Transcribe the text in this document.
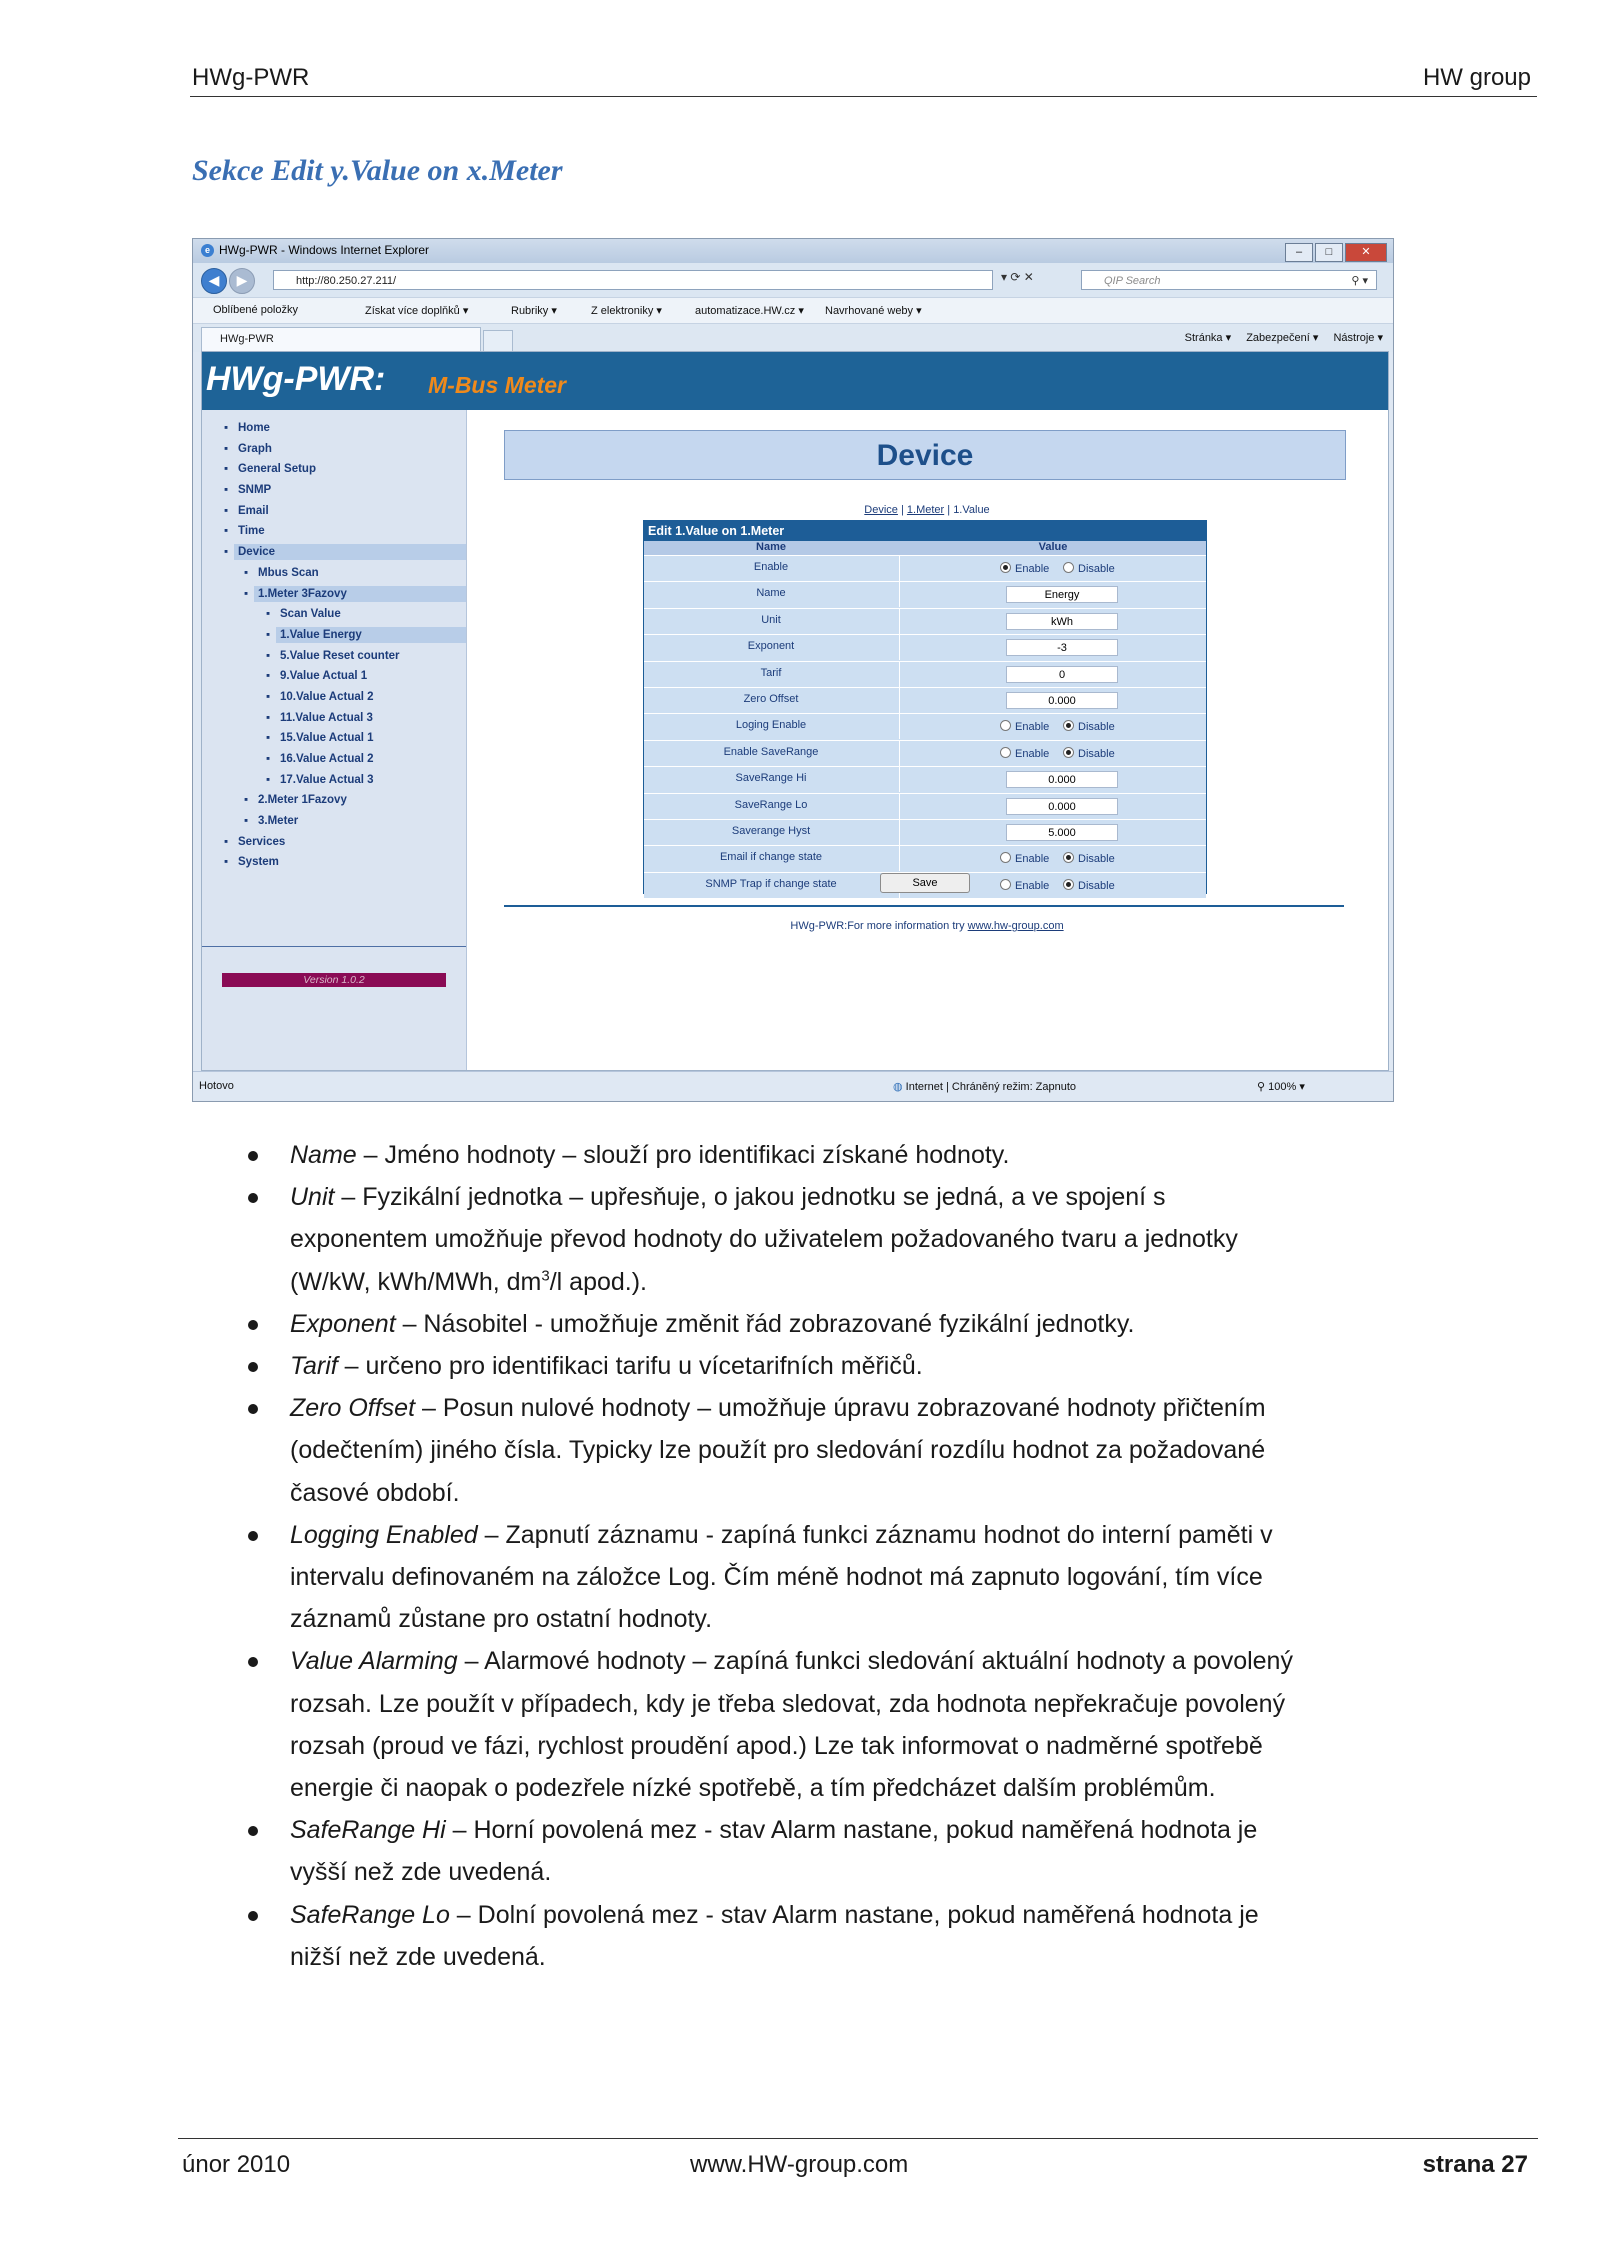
HWg-PWR	HW group
Sekce Edit y.Value on x.Meter
e HWg-PWR - Windows Internet Explorer	– □	✕
◀	▶	http://80.250.27.211/	▾ ⟳ ✕	QIP Search	⚲ ▾
Oblíbené položky	Získat více doplňků ▾	Rubriky ▾	Z elektroniky ▾	automatizace.HW.cz ▾ Navrhované weby ▾
HWg-PWR	Stránka ▾ Zabezpečení ▾ Nástroje ▾
HWg-PWR: M-Bus Meter
▪ Home
▪ Graph
▪ General Setup
▪ SNMP
▪ Email
▪ Time
▪ Device
▪ Mbus Scan
▪ 1.Meter 3Fazovy
▪ Scan Value
▪ 1.Value Energy
▪ 5.Value Reset counter
▪ 9.Value Actual 1
▪ 10.Value Actual 2
▪ 11.Value Actual 3
▪ 15.Value Actual 1
▪ 16.Value Actual 2
▪ 17.Value Actual 3
▪ 2.Meter 1Fazovy
▪ 3.Meter
▪ Services
▪ System
Version 1.0.2
Device
Device | 1.Meter | 1.Value
Edit 1.Value on 1.Meter
Name	Value
Enable	Enable	Disable
Name	Energy
Unit	kWh
Exponent	-3
Tarif	0
Zero Offset	0.000
Loging Enable	Enable	Disable
Enable SaveRange	Enable	Disable
SaveRange Hi	0.000
SaveRange Lo	0.000
Saverange Hyst	5.000
Email if change state	Enable	Disable
SNMP Trap if change state	Enable	Disable
Save
HWg-PWR:For more information try www.hw-group.com
Hotovo	◍ Internet | Chráněný režim: Zapnuto	⚲ 100% ▾
Name – Jméno hodnoty – slouží pro identifikaci získané hodnoty.
Unit – Fyzikální jednotka – upřesňuje, o jakou jednotku se jedná, a ve spojení s exponentem umožňuje převod hodnoty do uživatelem požadovaného tvaru a jednotky (W/kW, kWh/MWh, $dm^3/l$ apod.).
Exponent – Násobitel - umožňuje změnit řád zobrazované fyzikální jednotky.
Tarif – určeno pro identifikaci tarifu u vícetarifních měřičů.
Zero Offset – Posun nulové hodnoty – umožňuje úpravu zobrazované hodnoty přičtením (odečtením) jiného čísla. Typicky lze použít pro sledování rozdílu hodnot za požadované časové období.
Logging Enabled – Zapnutí záznamu - zapíná funkci záznamu hodnot do interní paměti v intervalu definovaném na záložce Log. Čím méně hodnot má zapnuto logování, tím více záznamů zůstane pro ostatní hodnoty.
Value Alarming – Alarmové hodnoty – zapíná funkci sledování aktuální hodnoty a povolený rozsah. Lze použít v případech, kdy je třeba sledovat, zda hodnota nepřekračuje povolený rozsah (proud ve fázi, rychlost proudění apod.) Lze tak informovat o nadměrné spotřebě energie či naopak o podezřele nízké spotřebě, a tím předcházet dalším problémům.
SafeRange Hi – Horní povolená mez - stav Alarm nastane, pokud naměřená hodnota je vyšší než zde uvedená.
SafeRange Lo – Dolní povolená mez - stav Alarm nastane, pokud naměřená hodnota je nižší než zde uvedená.
únor 2010	www.HW-group.com	strana 27
